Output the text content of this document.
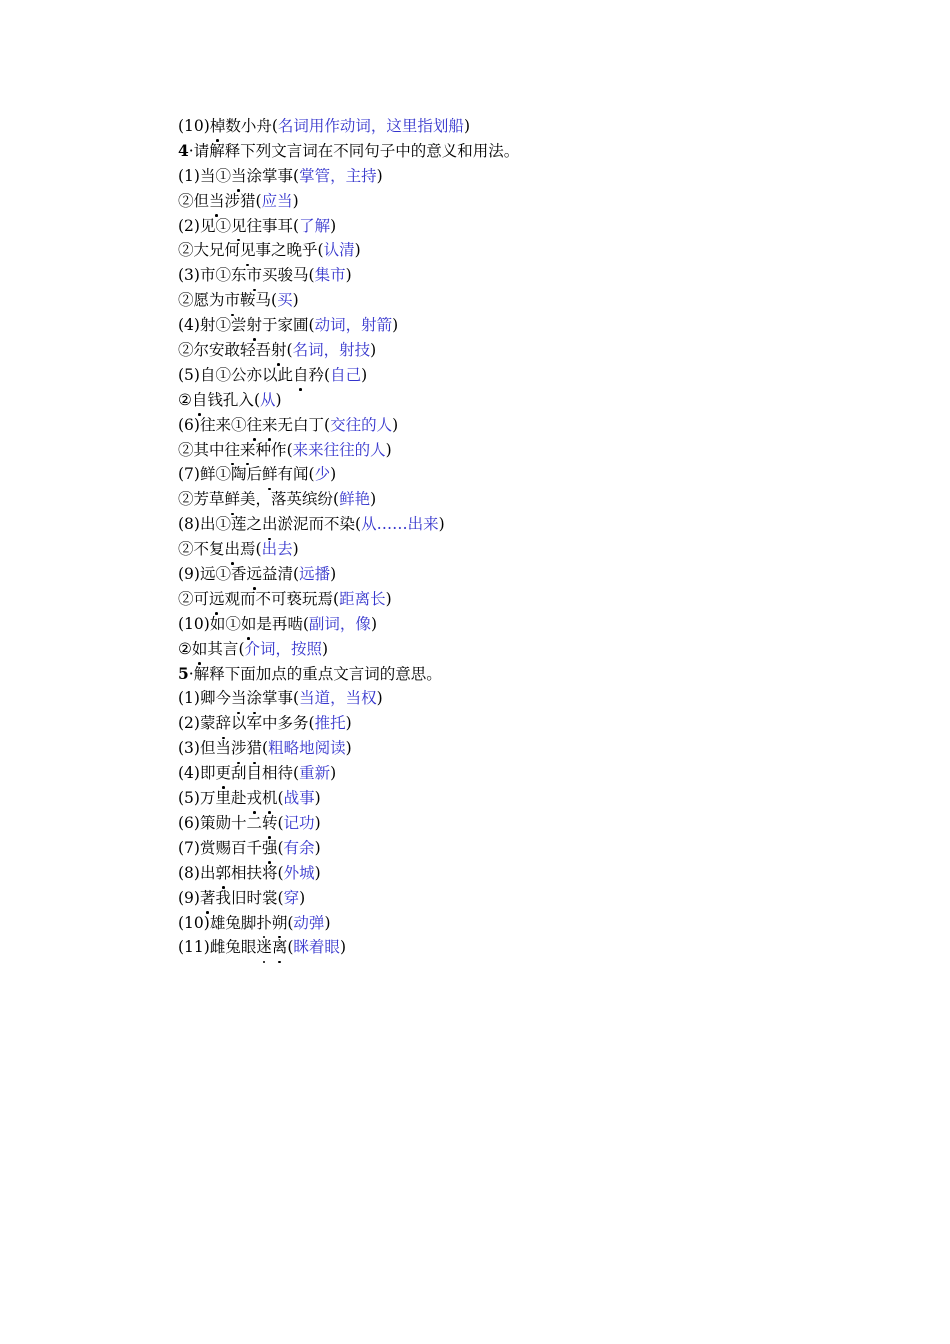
(10)棹数小舟(名词用作动词，这里指划船)
4·请解释下列文言词在不同句子中的意义和用法。
(1)当①当涂掌事(掌管，主持)
②但当涉猎(应当)
(2)见①见往事耳(了解)
②大兄何见事之晚乎(认清)
(3)市①东市买骏马(集市)
②愿为市鞍马(买)
(4)射①尝射于家圃(动词，射箭)
②尔安敢轻吾射(名词，射技)
(5)自①公亦以此自矜(自己)
②自钱孔入(从)
(6)往来①往来无白丁(交往的人)
②其中往来种作(来来往往的人)
(7)鲜①陶后鲜有闻(少)
②芳草鲜美，落英缤纷(鲜艳)
(8)出①莲之出淤泥而不染(从……出来)
②不复出焉(出去)
(9)远①香远益清(远播)
②可远观而不可亵玩焉(距离长)
(10)如①如是再啮(副词，像)
②如其言(介词，按照)
5·解释下面加点的重点文言词的意思。
(1)卿今当涂掌事(当道，当权)
(2)蒙辞以军中多务(推托)
(3)但当涉猎(粗略地阅读)
(4)即更刮目相待(重新)
(5)万里赴戎机(战事)
(6)策勋十二转(记功)
(7)赏赐百千强(有余)
(8)出郭相扶将(外城)
(9)著我旧时裳(穿)
(10)雄兔脚扑朔(动弹)
(11)雌兔眼迷离(眯着眼)
